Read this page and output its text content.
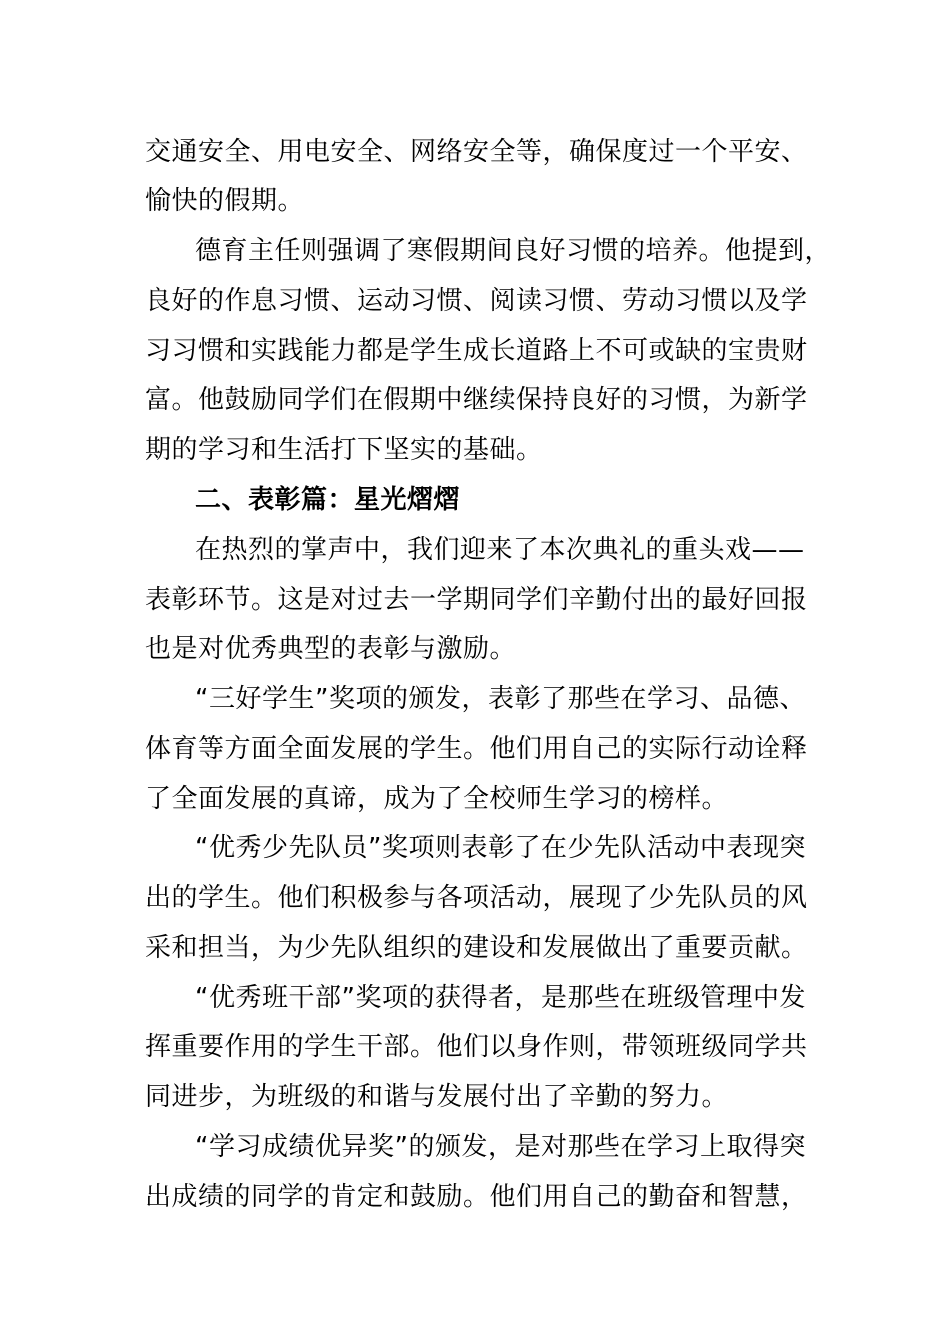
交通安全、用电安全、网络安全等，确保度过一个平安、
愉快的假期。
德育主任则强调了寒假期间良好习惯的培养。他提到，
良好的作息习惯、运动习惯、阅读习惯、劳动习惯以及学
习习惯和实践能力都是学生成长道路上不可或缺的宝贵财
富。他鼓励同学们在假期中继续保持良好的习惯，为新学
期的学习和生活打下坚实的基础。
二、表彰篇：星光熠熠
在热烈的掌声中，我们迎来了本次典礼的重头戏——
表彰环节。这是对过去一学期同学们辛勤付出的最好回报
也是对优秀典型的表彰与激励。
“三好学生”奖项的颁发，表彰了那些在学习、品德、
体育等方面全面发展的学生。他们用自己的实际行动诠释
了全面发展的真谛，成为了全校师生学习的榜样。
“优秀少先队员”奖项则表彰了在少先队活动中表现突
出的学生。他们积极参与各项活动，展现了少先队员的风
采和担当，为少先队组织的建设和发展做出了重要贡献。
“优秀班干部”奖项的获得者，是那些在班级管理中发
挥重要作用的学生干部。他们以身作则，带领班级同学共
同进步，为班级的和谐与发展付出了辛勤的努力。
“学习成绩优异奖”的颁发，是对那些在学习上取得突
出成绩的同学的肯定和鼓励。他们用自己的勤奋和智慧，
